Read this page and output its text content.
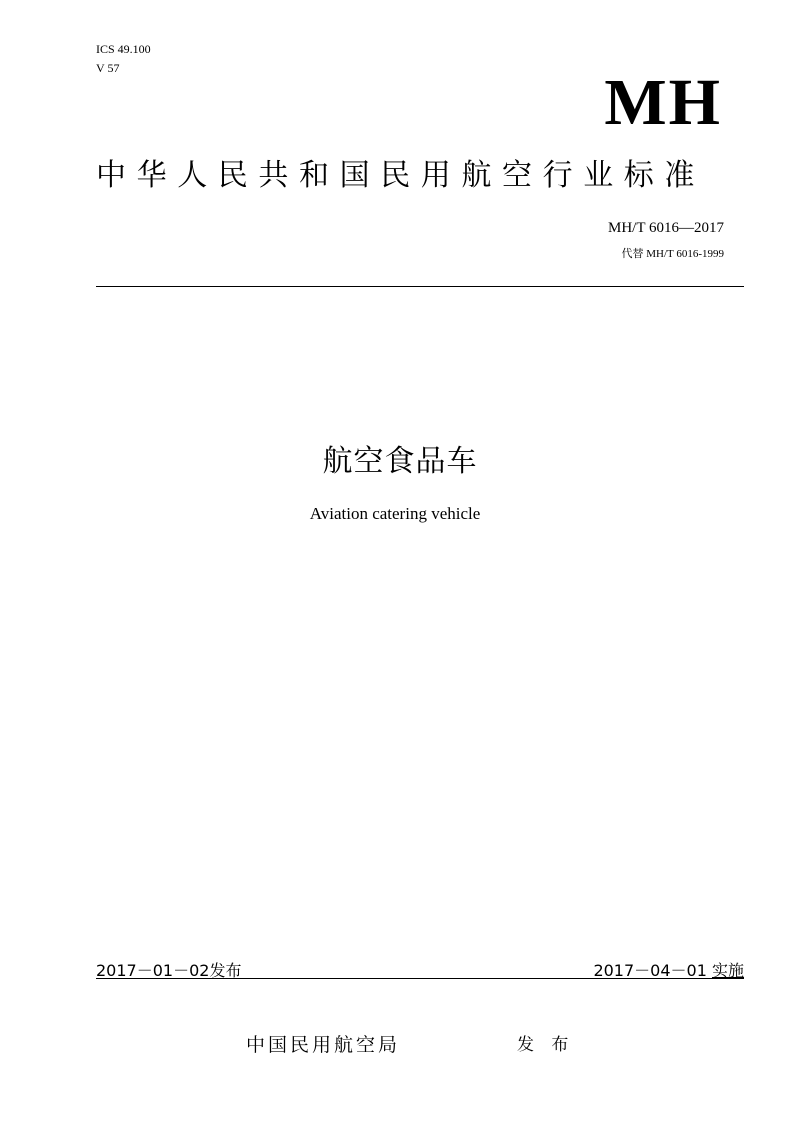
ICS 49.100
V 57	MH
中华人民共和国民用航空行业标准
MH/T 6016—2017
代替 MH/T 6016-1999
航空食品车
Aviation catering vehicle
2017－01－02发布	2017－04－01 实施
中国民用航空局	发 布
